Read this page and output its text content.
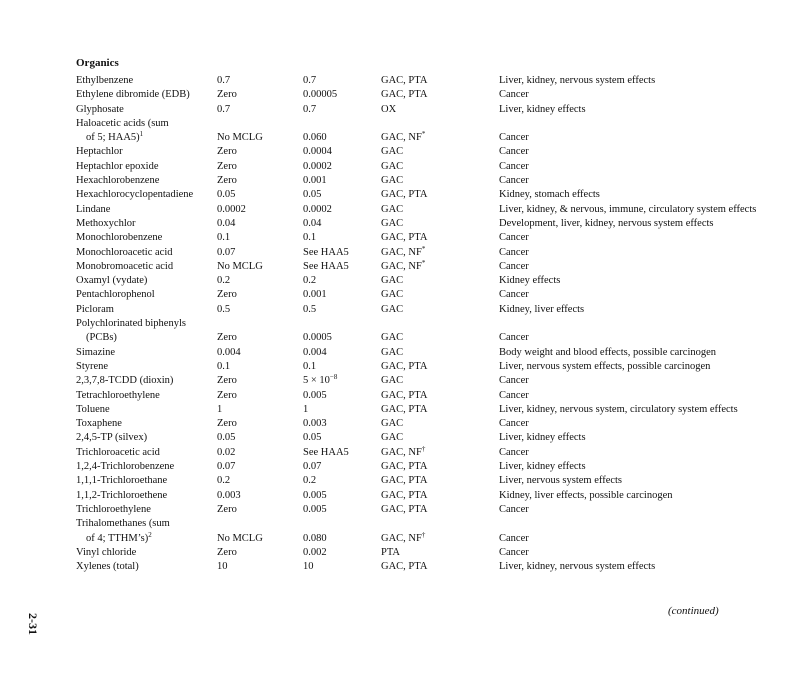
Organics
Ethylbenzene	0.7	0.7	GAC, PTA	Liver, kidney, nervous system effects
Ethylene dibromide (EDB)	Zero	0.00005	GAC, PTA	Cancer
Glyphosate	0.7	0.7	OX	Liver, kidney effects
Haloacetic acids (sum				
of 5; HAA5)$^1$	No MCLG	0.060	GAC, NF*	Cancer
Heptachlor	Zero	0.0004	GAC	Cancer
Heptachlor epoxide	Zero	0.0002	GAC	Cancer
Hexachlorobenzene	Zero	0.001	GAC	Cancer
Hexachlorocyclopentadiene	0.05	0.05	GAC, PTA	Kidney, stomach effects
Lindane	0.0002	0.0002	GAC	Liver, kidney, & nervous, immune, circulatory system effects
Methoxychlor	0.04	0.04	GAC	Development, liver, kidney, nervous system effects
Monochlorobenzene	0.1	0.1	GAC, PTA	Cancer
Monochloroacetic acid	0.07	See HAA5	GAC, NF*	Cancer
Monobromoacetic acid	No MCLG	See HAA5	GAC, NF*	Cancer
Oxamyl (vydate)	0.2	0.2	GAC	Kidney effects
Pentachlorophenol	Zero	0.001	GAC	Cancer
Picloram	0.5	0.5	GAC	Kidney, liver effects
Polychlorinated biphenyls				
(PCBs)	Zero	0.0005	GAC	Cancer
Simazine	0.004	0.004	GAC	Body weight and blood effects, possible carcinogen
Styrene	0.1	0.1	GAC, PTA	Liver, nervous system effects, possible carcinogen
2,3,7,8-TCDD (dioxin)	Zero	$5 \times 10^{-8}$	GAC	Cancer
Tetrachloroethylene	Zero	0.005	GAC, PTA	Cancer
Toluene	1	1	GAC, PTA	Liver, kidney, nervous system, circulatory system effects
Toxaphene	Zero	0.003	GAC	Cancer
2,4,5-TP (silvex)	0.05	0.05	GAC	Liver, kidney effects
Trichloroacetic acid	0.02	See HAA5	GAC, NF†	Cancer
1,2,4-Trichlorobenzene	0.07	0.07	GAC, PTA	Liver, kidney effects
1,1,1-Trichloroethane	0.2	0.2	GAC, PTA	Liver, nervous system effects
1,1,2-Trichloroethene	0.003	0.005	GAC, PTA	Kidney, liver effects, possible carcinogen
Trichloroethylene	Zero	0.005	GAC, PTA	Cancer
Trihalomethanes (sum				
of 4; TTHM’s)$^2$	No MCLG	0.080	GAC, NF†	Cancer
Vinyl chloride	Zero	0.002	PTA	Cancer
Xylenes (total)	10	10	GAC, PTA	Liver, kidney, nervous system effects
(continued)
2-31
